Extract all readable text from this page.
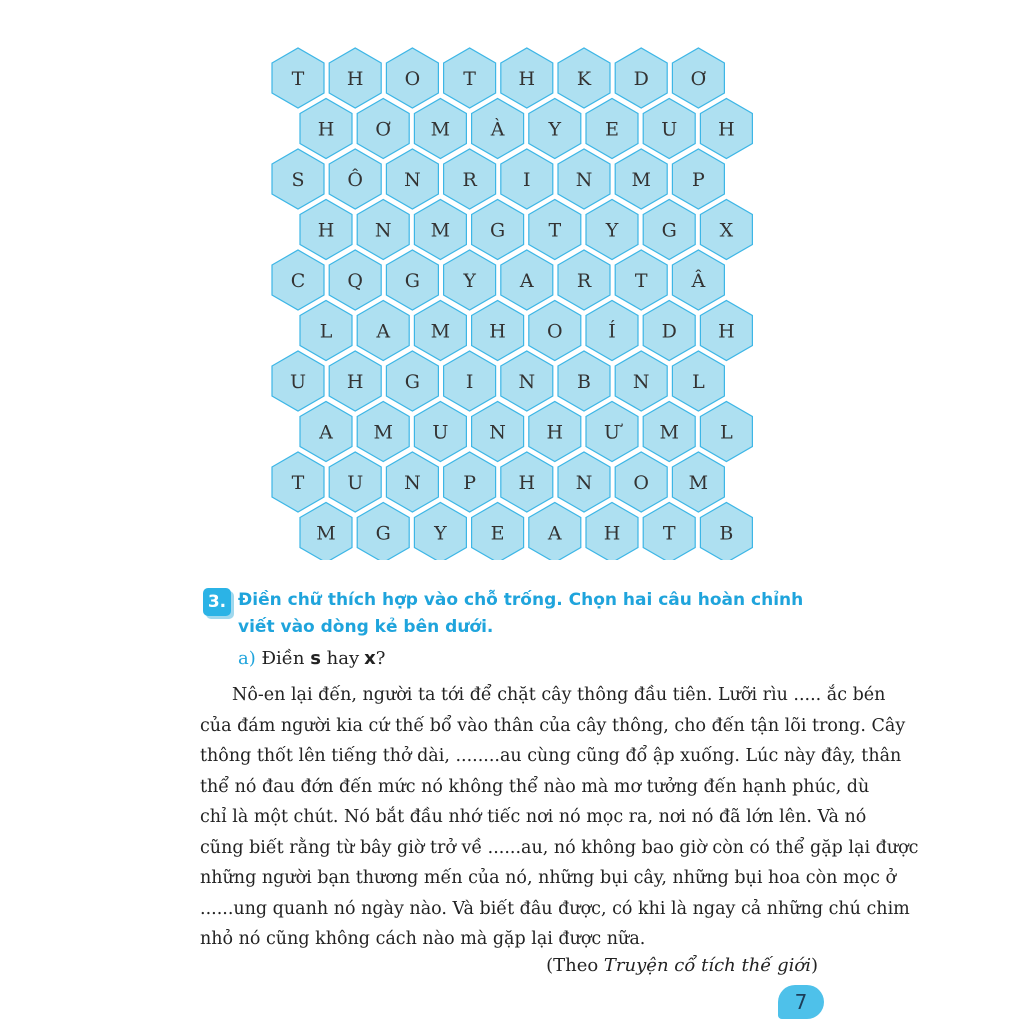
T H O T H K D Ơ
H Ơ M À Y E U H
S Ô N R I N M P
H N M G T Y G X
C Q G Y A R T Â
L A M H O Í D H
U H G I N B N L
A M U N H Ư M L
T U N P H N O M
M G Y E A H T B
3. Điền chữ thích hợp vào chỗ trống. Chọn hai câu hoàn chỉnh viết vào dòng kẻ bên dưới.
a) Điền s hay x?
Nô-en lại đến, người ta tới để chặt cây thông đầu tiên. Lưỡi rìu ..... ắc bén
của đám người kia cứ thế bổ vào thân của cây thông, cho đến tận lõi trong. Cây
thông thốt lên tiếng thở dài, ........au cùng cũng đổ ập xuống. Lúc này đây, thân
thể nó đau đớn đến mức nó không thể nào mà mơ tưởng đến hạnh phúc, dù
chỉ là một chút. Nó bắt đầu nhớ tiếc nơi nó mọc ra, nơi nó đã lớn lên. Và nó
cũng biết rằng từ bây giờ trở về ......au, nó không bao giờ còn có thể gặp lại được
những người bạn thương mến của nó, những bụi cây, những bụi hoa còn mọc ở
......ung quanh nó ngày nào. Và biết đâu được, có khi là ngay cả những chú chim
nhỏ nó cũng không cách nào mà gặp lại được nữa.
(Theo Truyện cổ tích thế giới)
7
